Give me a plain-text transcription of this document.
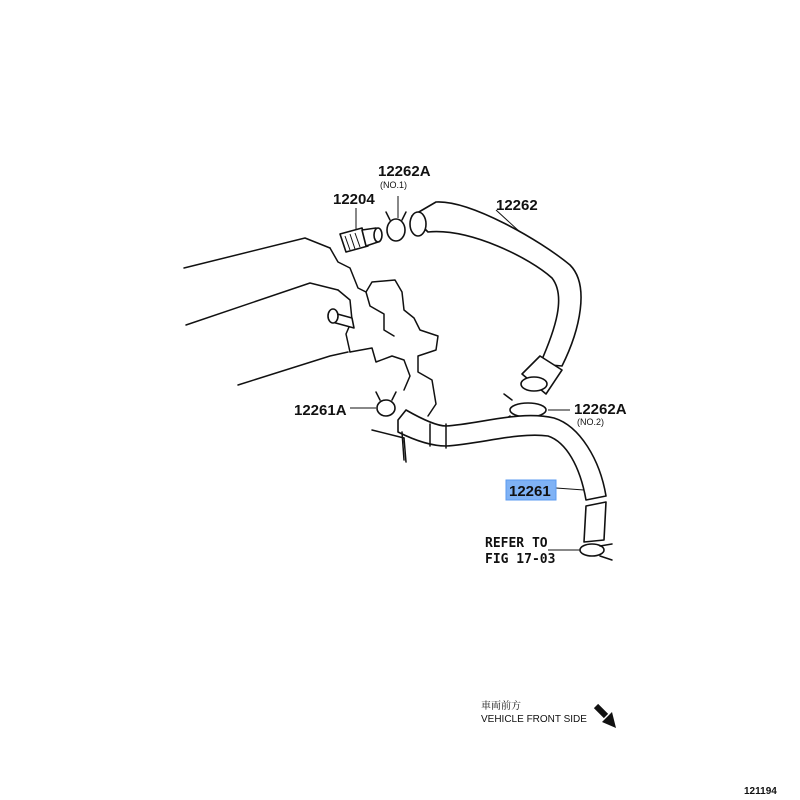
12204
12262A
(NO.1)
12262
12261A	12262A
(NO.2)
12261
REFER TO
FIG 17-03
車両前方
VEHICLE FRONT SIDE
121194
